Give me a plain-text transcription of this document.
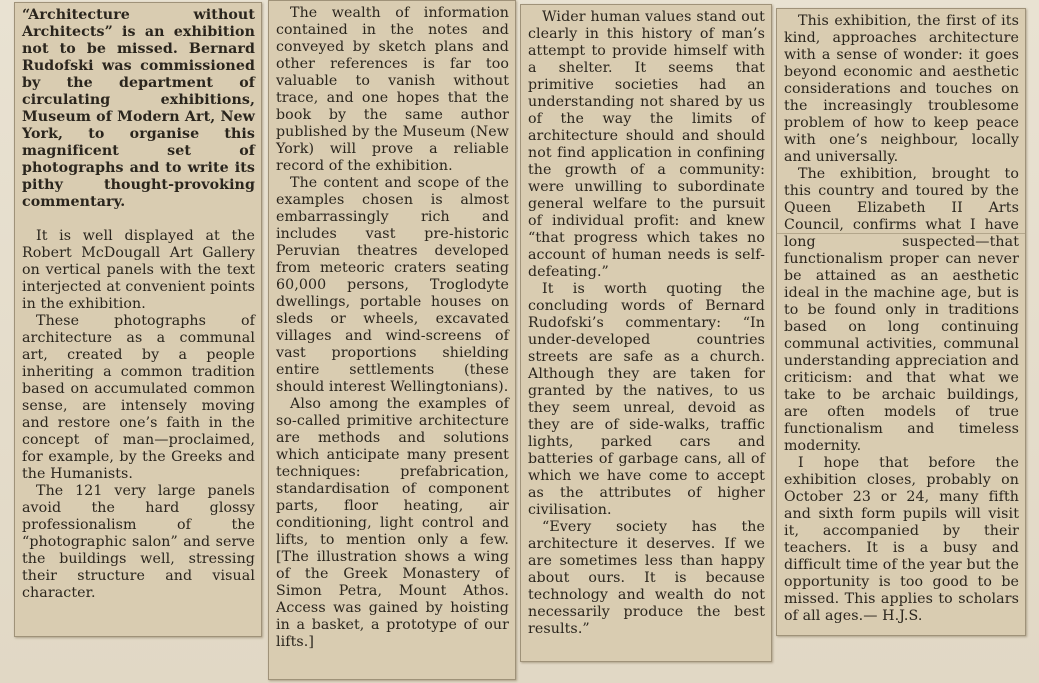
“Architecture without Architects” is an exhibition not to be missed. Bernard Rudofski was commissioned by the department of circulating exhibitions, Museum of Modern Art, New York, to organise this magnificent set of photographs and to write its pithy thought-provoking commentary.

It is well displayed at the Robert McDougall Art Gallery on vertical panels with the text interjected at convenient points in the exhibition.

These photographs of architecture as a communal art, created by a people inheriting a common tradition based on accumulated common sense, are intensely moving and restore one’s faith in the concept of man—proclaimed, for example, by the Greeks and the Humanists.

The 121 very large panels avoid the hard glossy professionalism of the “photographic salon” and serve the buildings well, stressing their structure and visual character.

The wealth of information contained in the notes and conveyed by sketch plans and other references is far too valuable to vanish without trace, and one hopes that the book by the same author published by the Museum (New York) will prove a reliable record of the exhibition.

The content and scope of the examples chosen is almost embarrassingly rich and includes vast pre-historic Peruvian theatres developed from meteoric craters seating 60,000 persons, Troglodyte dwellings, portable houses on sleds or wheels, excavated villages and wind-screens of vast proportions shielding entire settlements (these should interest Wellingtonians).

Also among the examples of so-called primitive architecture are methods and solutions which anticipate many present techniques: prefabrication, standardisation of component parts, floor heating, air conditioning, light control and lifts, to mention only a few. [The illustration shows a wing of the Greek Monastery of Simon Petra, Mount Athos. Access was gained by hoisting in a basket, a prototype of our lifts.]

Wider human values stand out clearly in this history of man’s attempt to provide himself with a shelter. It seems that primitive societies had an understanding not shared by us of the way the limits of architecture should and should not find application in confining the growth of a community: were unwilling to subordinate general welfare to the pursuit of individual profit: and knew “that progress which takes no account of human needs is self-defeating.”

It is worth quoting the concluding words of Bernard Rudofski’s commentary: “In under-developed countries streets are safe as a church. Although they are taken for granted by the natives, to us they seem unreal, devoid as they are of side-walks, traffic lights, parked cars and batteries of garbage cans, all of which we have come to accept as the attributes of higher civilisation.

“Every society has the architecture it deserves. If we are sometimes less than happy about ours. It is because technology and wealth do not necessarily produce the best results.”

This exhibition, the first of its kind, approaches architecture with a sense of wonder: it goes beyond economic and aesthetic considerations and touches on the increasingly troublesome problem of how to keep peace with one’s neighbour, locally and universally.

The exhibition, brought to this country and toured by the Queen Elizabeth II Arts Council, confirms what I have long suspected—that functionalism proper can never be attained as an aesthetic ideal in the machine age, but is to be found only in traditions based on long continuing communal activities, communal understanding appreciation and criticism: and that what we take to be archaic buildings, are often models of true functionalism and timeless modernity.

I hope that before the exhibition closes, probably on October 23 or 24, many fifth and sixth form pupils will visit it, accompanied by their teachers. It is a busy and difficult time of the year but the opportunity is too good to be missed. This applies to scholars of all ages.— H.J.S.
